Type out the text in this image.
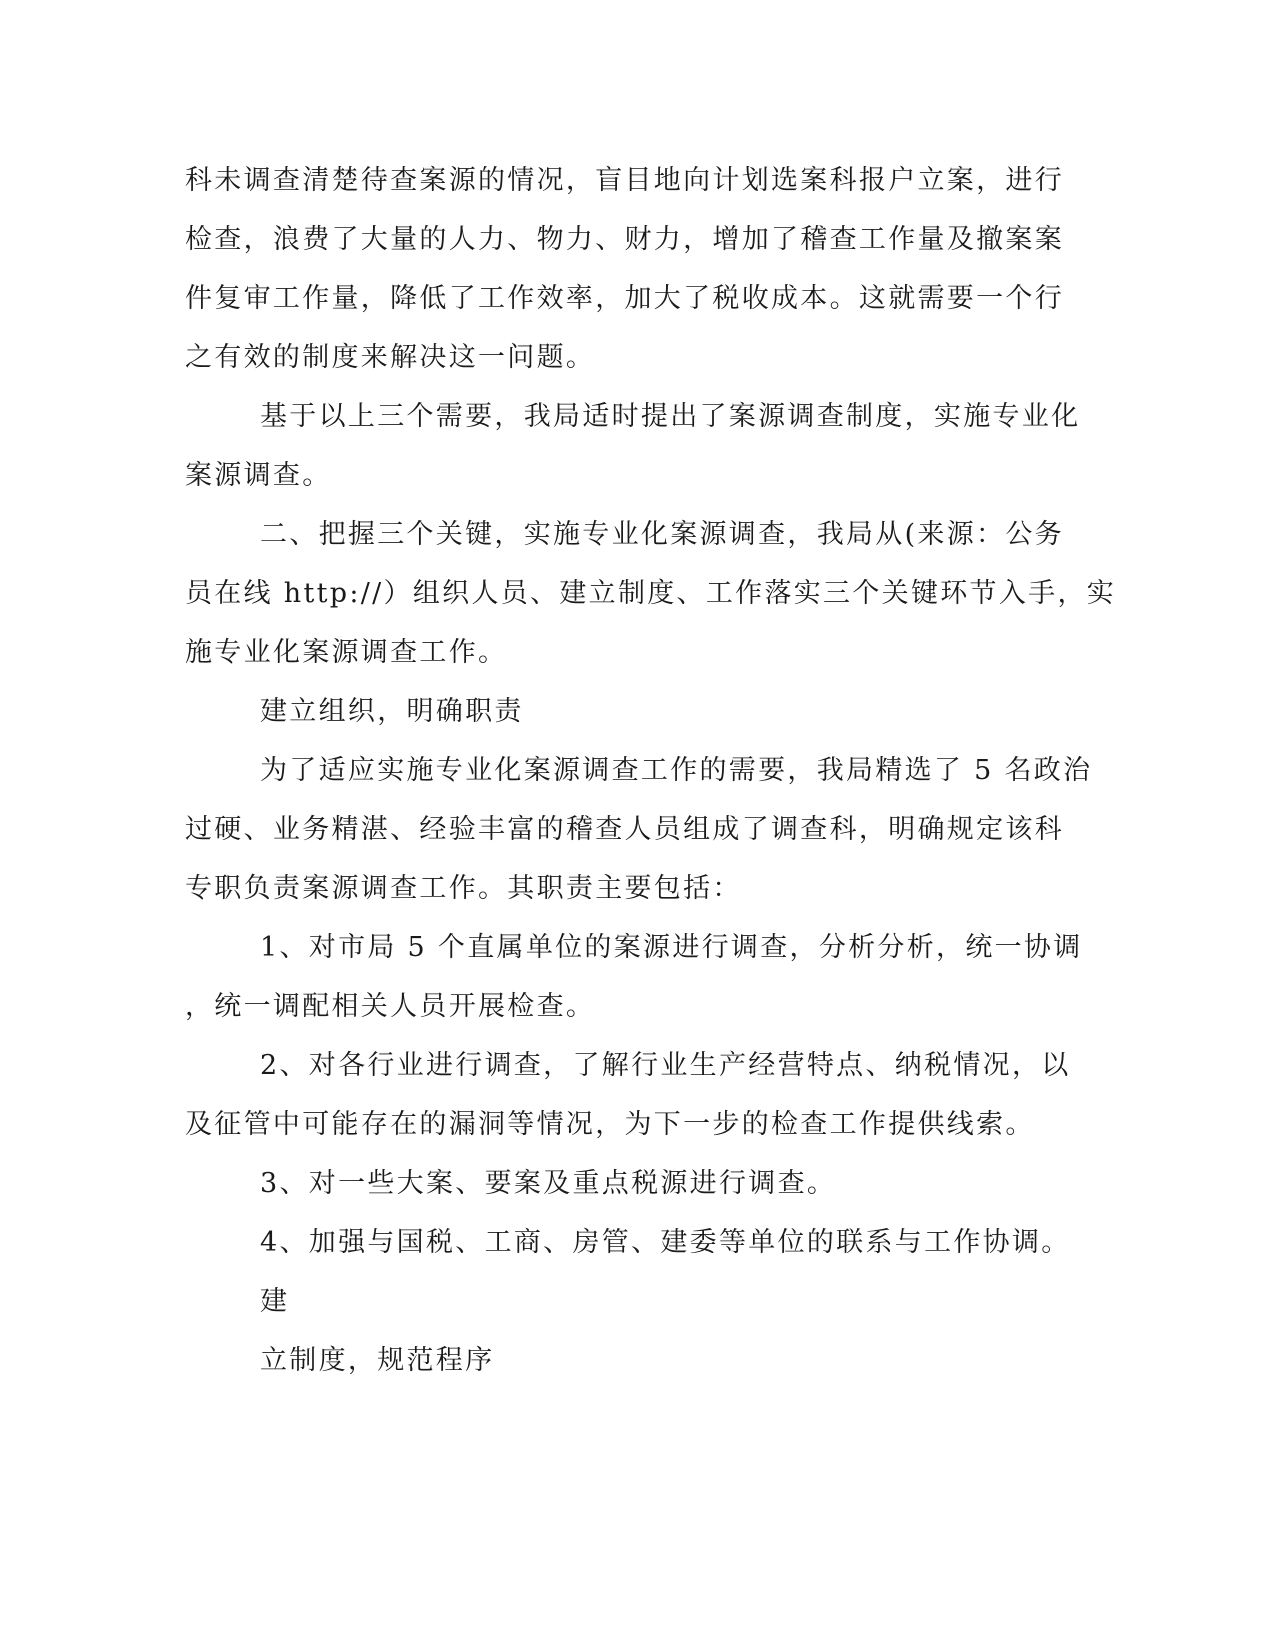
科未调查清楚待查案源的情况，盲目地向计划选案科报户立案，进行
检查，浪费了大量的人力、物力、财力，增加了稽查工作量及撤案案
件复审工作量，降低了工作效率，加大了税收成本。这就需要一个行
之有效的制度来解决这一问题。
基于以上三个需要，我局适时提出了案源调查制度，实施专业化
案源调查。
二、把握三个关键，实施专业化案源调查，我局从(来源：公务
员在线 http://）组织人员、建立制度、工作落实三个关键环节入手，实
施专业化案源调查工作。
建立组织，明确职责
为了适应实施专业化案源调查工作的需要，我局精选了 5 名政治
过硬、业务精湛、经验丰富的稽查人员组成了调查科，明确规定该科
专职负责案源调查工作。其职责主要包括：
1、对市局 5 个直属单位的案源进行调查，分析分析，统一协调
，统一调配相关人员开展检查。
2、对各行业进行调查，了解行业生产经营特点、纳税情况，以
及征管中可能存在的漏洞等情况，为下一步的检查工作提供线索。
3、对一些大案、要案及重点税源进行调查。
4、加强与国税、工商、房管、建委等单位的联系与工作协调。
建
立制度，规范程序
